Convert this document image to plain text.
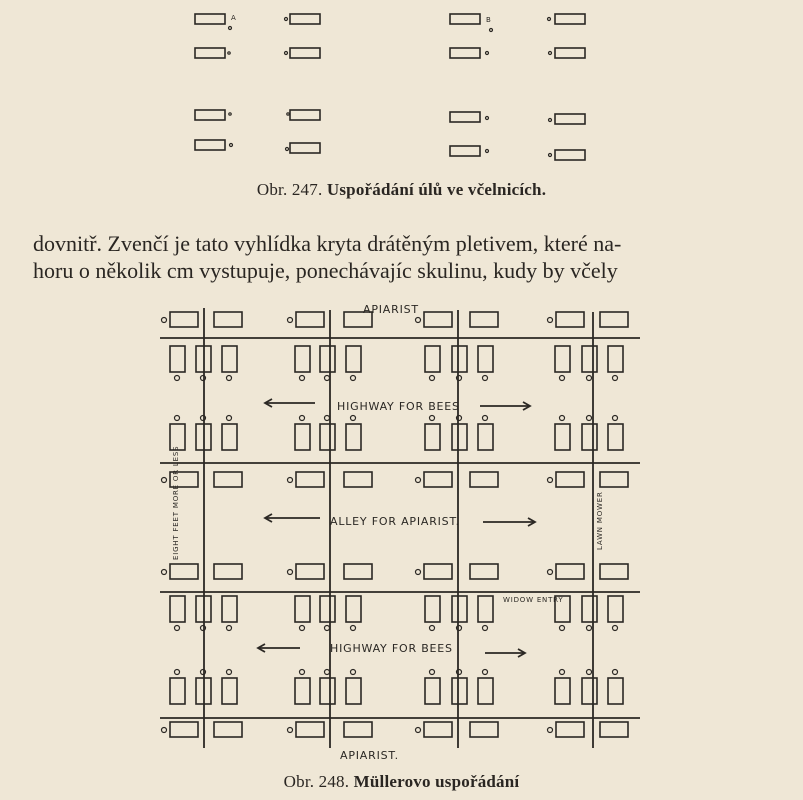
A	B
Obr. 247. Uspořádání úlů ve včelnicích.
dovnitř. Zvenčí je tato vyhlídka kryta drátěným pletivem, které na-
horu o několik cm vystupuje, ponechávajíc skulinu, kudy by včely
APIARIST
HIGHWAY FOR BEES
ALLEY FOR APIARIST.
HIGHWAY FOR BEES
APIARIST.
EIGHT FEET MORE OR LESS	LAWN MOWER
WIDOW ENTRY
Obr. 248. Müllerovo uspořádání
